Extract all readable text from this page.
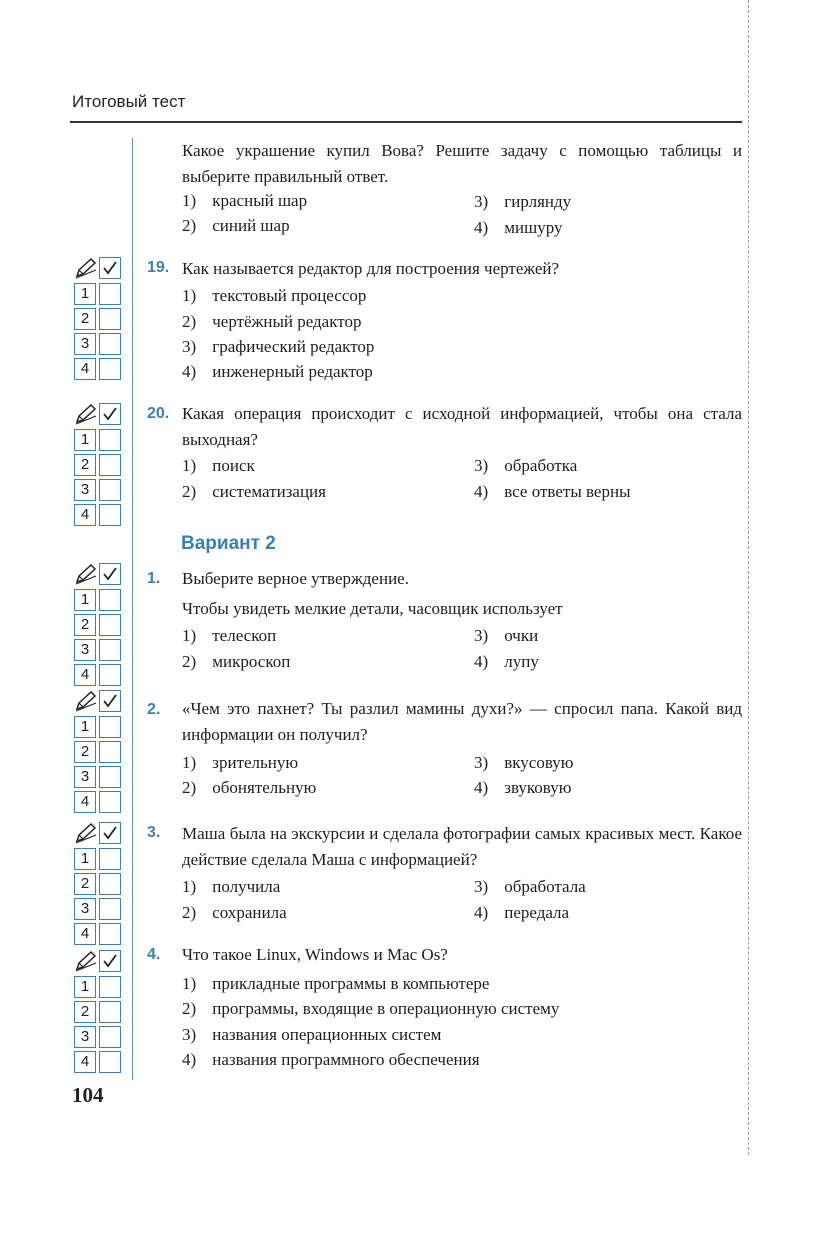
Итоговый тест
Какое украшение купил Вова? Решите задачу с помощью таблицы и выберите правильный ответ.
1) красный шар
2) синий шар
3) гирлянду
4) мишуру
19. Как называется редактор для построения чертежей?
1) текстовый процессор
2) чертёжный редактор
3) графический редактор
4) инженерный редактор
20. Какая операция происходит с исходной информацией, чтобы она стала выходная?
1) поиск
2) систематизация
3) обработка
4) все ответы верны
Вариант 2
1.	Выберите верное утверждение.
Чтобы увидеть мелкие детали, часовщик использует
1) телескоп
2) микроскоп
3) очки
4) лупу
2.	«Чем это пахнет? Ты разлил мамины духи?» — спросил папа. Какой вид информации он получил?
1) зрительную
2) обонятельную
3) вкусовую
4) звуковую
3.	Маша была на экскурсии и сделала фотографии самых красивых мест. Какое действие сделала Маша с информацией?
1) получила
2) сохранила
3) обработала
4) передала
4.	Что такое Linux, Windows и Mac Os?
1) прикладные программы в компьютере
2) программы, входящие в операционную систему
3) названия операционных систем
4) названия программного обеспечения
1
2
3
4
1
2
3
4
1
2
3
4
1
2
3
4
1
2
3
4
1
2
3
4
104
